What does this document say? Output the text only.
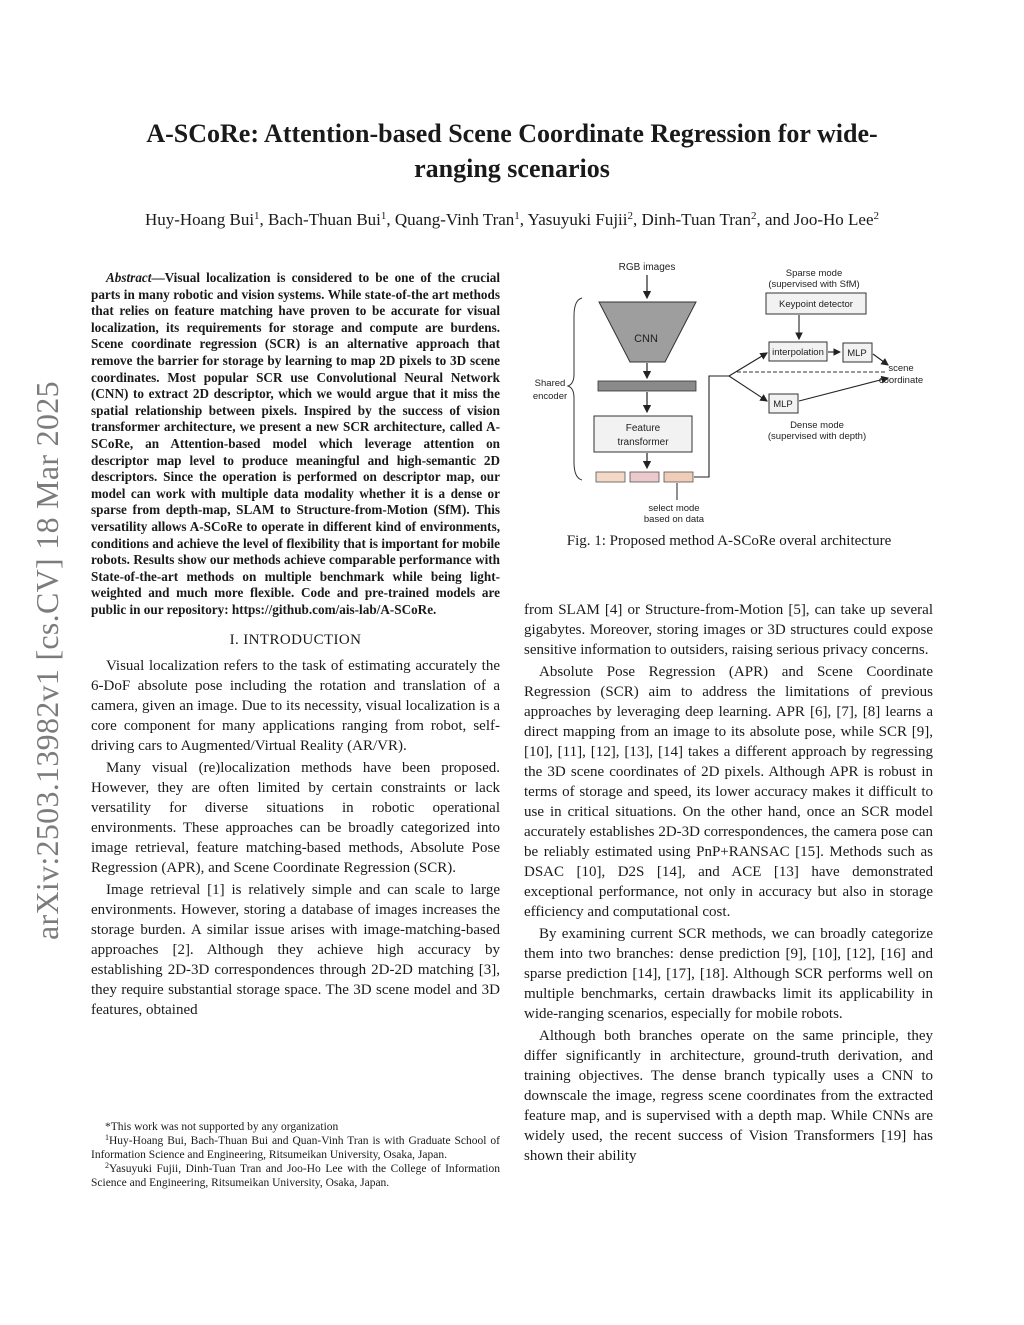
arXiv:2503.13982v1 [cs.CV] 18 Mar 2025
A-SCoRe: Attention-based Scene Coordinate Regression for wide-ranging scenarios
Huy-Hoang Bui$^1$, Bach-Thuan Bui$^1$, Quang-Vinh Tran$^1$, Yasuyuki Fujii$^2$, Dinh-Tuan Tran$^2$, and Joo-Ho Lee$^2$

Abstract—Visual localization is considered to be one of the crucial parts in many robotic and vision systems. While state-of-the art methods that relies on feature matching have proven to be accurate for visual localization, its requirements for storage and compute are burdens. Scene coordinate regression (SCR) is an alternative approach that remove the barrier for storage by learning to map 2D pixels to 3D scene coordinates. Most popular SCR use Convolutional Neural Network (CNN) to extract 2D descriptor, which we would argue that it miss the spatial relationship between pixels. Inspired by the success of vision transformer architecture, we present a new SCR architecture, called A-SCoRe, an Attention-based model which leverage attention on descriptor map level to produce meaningful and high-semantic 2D descriptors. Since the operation is performed on descriptor map, our model can work with multiple data modality whether it is a dense or sparse from depth-map, SLAM to Structure-from-Motion (SfM). This versatility allows A-SCoRe to operate in different kind of environments, conditions and achieve the level of flexibility that is important for mobile robots. Results show our methods achieve comparable performance with State-of-the-art methods on multiple benchmark while being light-weighted and much more flexible. Code and pre-trained models are public in our repository: https://github.com/ais-lab/A-SCoRe.

I. INTRODUCTION

Visual localization refers to the task of estimating accurately the 6-DoF absolute pose including the rotation and translation of a camera, given an image. Due to its necessity, visual localization is a core component for many applications ranging from robot, self-driving cars to Augmented/Virtual Reality (AR/VR).

Many visual (re)localization methods have been proposed. However, they are often limited by certain constraints or lack versatility for diverse situations in robotic operational environments. These approaches can be broadly categorized into image retrieval, feature matching-based methods, Absolute Pose Regression (APR), and Scene Coordinate Regression (SCR).

Image retrieval [1] is relatively simple and can scale to large environments. However, storing a database of images increases the storage burden. A similar issue arises with image-matching-based approaches [2]. Although they achieve high accuracy by establishing 2D-3D correspondences through 2D-2D matching [3], they require substantial storage space. The 3D scene model and 3D features, obtained

*This work was not supported by any organization

$^1$Huy-Hoang Bui, Bach-Thuan Bui and Quan-Vinh Tran is with Graduate School of Information Science and Engineering, Ritsumeikan University, Osaka, Japan.

$^2$Yasuyuki Fujii, Dinh-Tuan Tran and Joo-Ho Lee with the College of Information Science and Engineering, Ritsumeikan University, Osaka, Japan.

RGB images
CNN
Feature
transformer
select mode
based on data
Shared
encoder
Sparse mode
(supervised with SfM)
Keypoint detector
interpolation MLP
scene
coordinate
MLP
Dense mode
(supervised with depth)
Fig. 1: Proposed method A-SCoRe overal architecture

from SLAM [4] or Structure-from-Motion [5], can take up several gigabytes. Moreover, storing images or 3D structures could expose sensitive information to outsiders, raising serious privacy concerns.

Absolute Pose Regression (APR) and Scene Coordinate Regression (SCR) aim to address the limitations of previous approaches by leveraging deep learning. APR [6], [7], [8] learns a direct mapping from an image to its absolute pose, while SCR [9], [10], [11], [12], [13], [14] takes a different approach by regressing the 3D scene coordinates of 2D pixels. Although APR is robust in terms of storage and speed, its lower accuracy makes it difficult to use in critical situations. On the other hand, once an SCR model accurately establishes 2D-3D correspondences, the camera pose can be reliably estimated using PnP+RANSAC [15]. Methods such as DSAC [10], D2S [14], and ACE [13] have demonstrated exceptional performance, not only in accuracy but also in storage efficiency and computational cost.

By examining current SCR methods, we can broadly categorize them into two branches: dense prediction [9], [10], [12], [16] and sparse prediction [14], [17], [18]. Although SCR performs well on multiple benchmarks, certain drawbacks limit its applicability in wide-ranging scenarios, especially for mobile robots.

Although both branches operate on the same principle, they differ significantly in architecture, ground-truth derivation, and training objectives. The dense branch typically uses a CNN to downscale the image, regress scene coordinates from the extracted feature map, and is supervised with a depth map. While CNNs are widely used, the recent success of Vision Transformers [19] has shown their ability
